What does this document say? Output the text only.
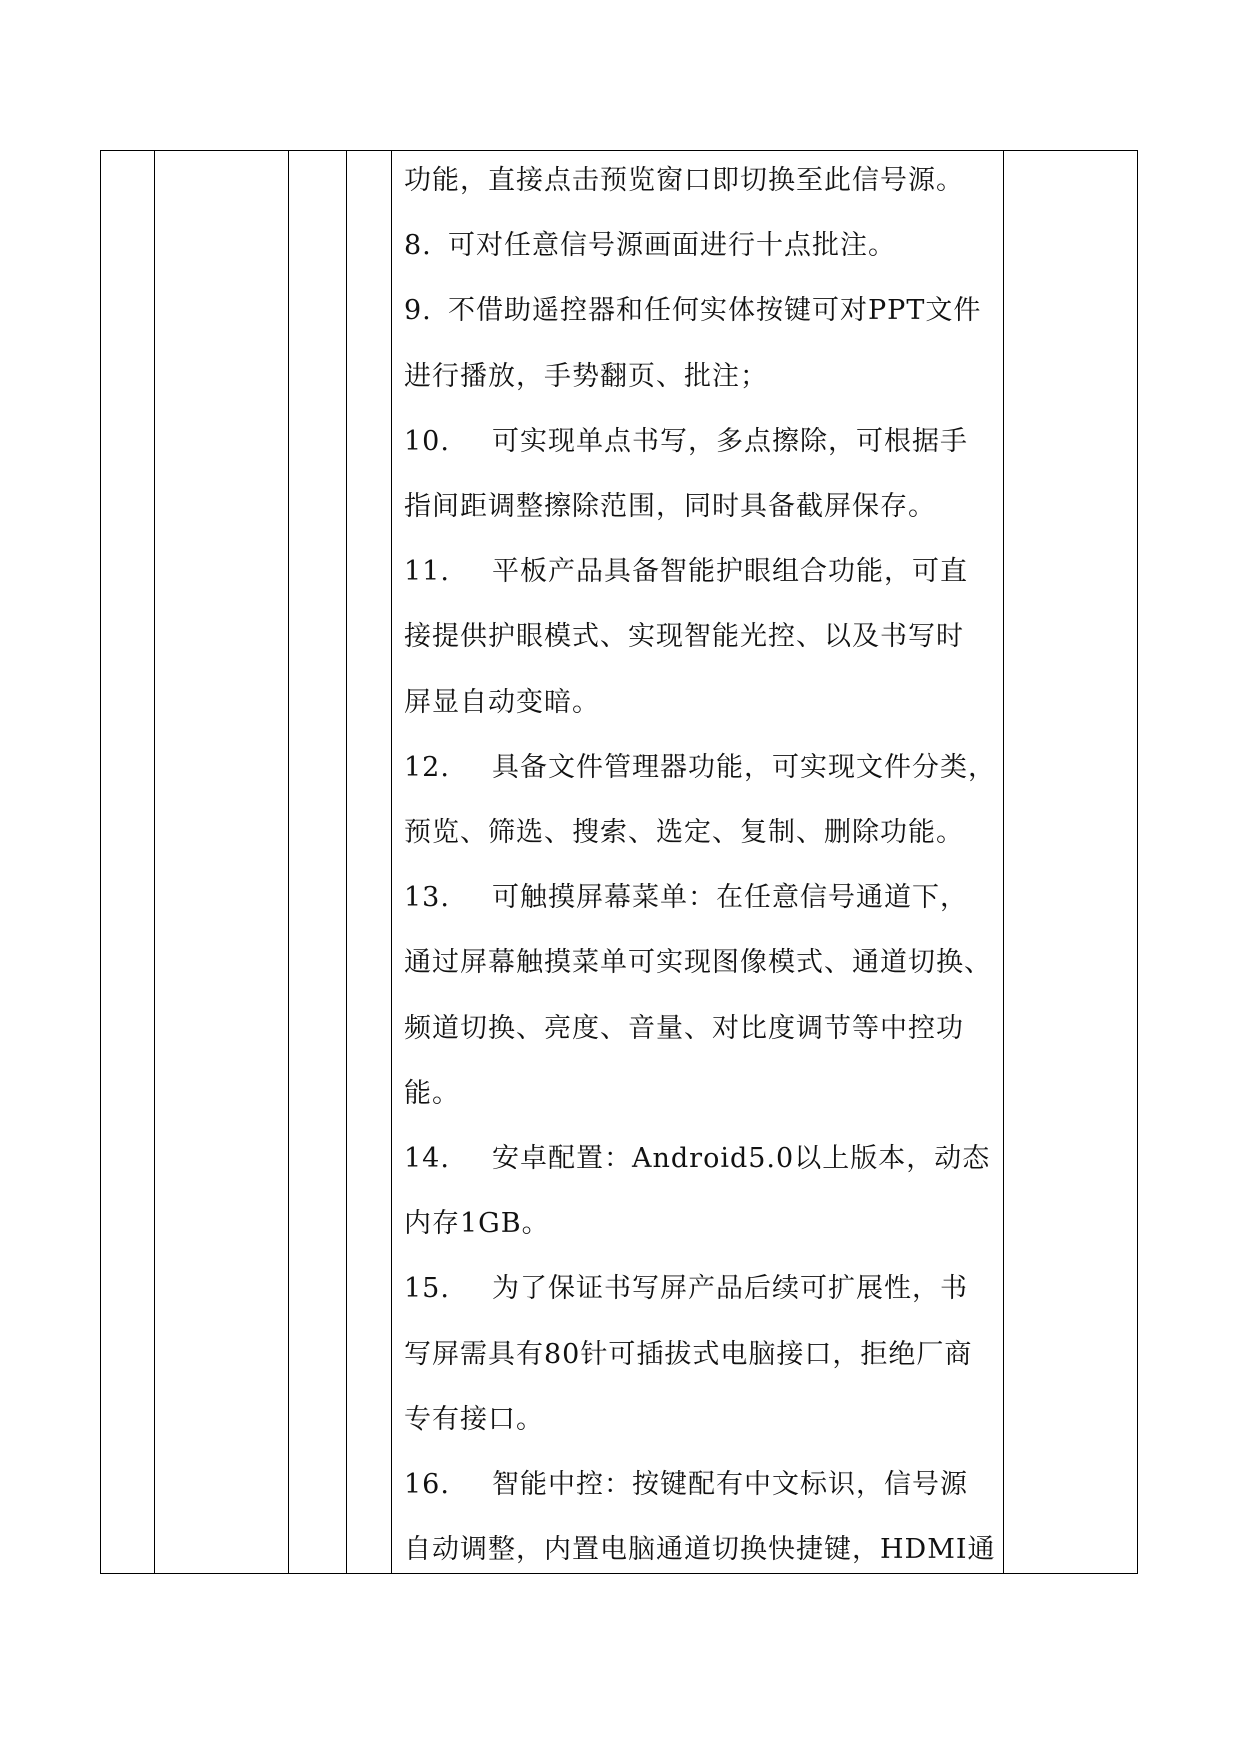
功能，直接点击预览窗口即切换至此信号源。
8. 可对任意信号源画面进行十点批注。
9. 不借助遥控器和任何实体按键可对PPT文件
进行播放，手势翻页、批注；
10. 可实现单点书写，多点擦除，可根据手
指间距调整擦除范围，同时具备截屏保存。
11. 平板产品具备智能护眼组合功能，可直
接提供护眼模式、实现智能光控、以及书写时
屏显自动变暗。
12. 具备文件管理器功能，可实现文件分类，
预览、筛选、搜索、选定、复制、删除功能。
13. 可触摸屏幕菜单：在任意信号通道下，
通过屏幕触摸菜单可实现图像模式、通道切换、
频道切换、亮度、音量、对比度调节等中控功
能。
14. 安卓配置：Android5.0以上版本，动态
内存1GB。
15. 为了保证书写屏产品后续可扩展性，书
写屏需具有80针可插拔式电脑接口，拒绝厂商
专有接口。
16. 智能中控：按键配有中文标识，信号源
自动调整，内置电脑通道切换快捷键，HDMI通
